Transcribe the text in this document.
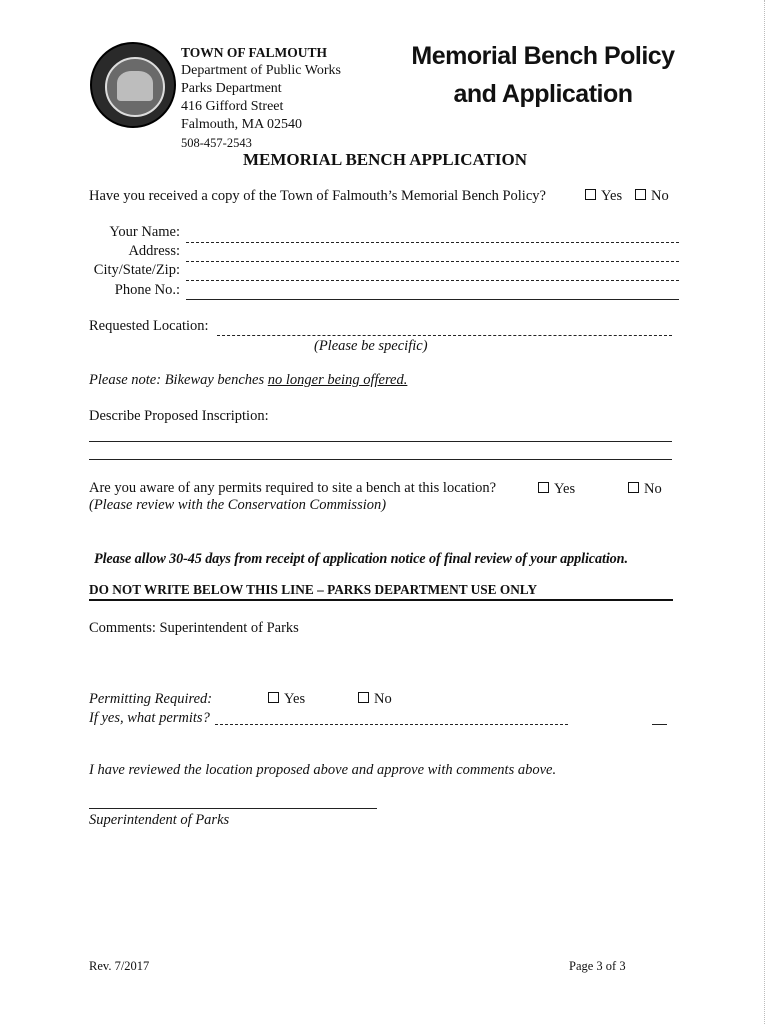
TOWN OF FALMOUTH
Department of Public Works
Parks Department
416 Gifford Street
Falmouth, MA 02540
508-457-2543
Memorial Bench Policy
and Application
MEMORIAL BENCH APPLICATION
Have you received a copy of the Town of Falmouth’s Memorial Bench Policy?	Yes	No
Your Name:
Address:
City/State/Zip:
Phone No.:
Requested Location:
(Please be specific)
Please note: Bikeway benches no longer being offered.
Describe Proposed Inscription:
Are you aware of any permits required to site a bench at this location?
(Please review with the Conservation Commission)
Yes	No
Please allow 30-45 days from receipt of application notice of final review of your application.
DO NOT WRITE BELOW THIS LINE – PARKS DEPARTMENT USE ONLY
Comments: Superintendent of Parks
Permitting Required:	Yes	No
If yes, what permits?
I have reviewed the location proposed above and approve with comments above.
Superintendent of Parks
Rev. 7/2017	Page 3 of 3
